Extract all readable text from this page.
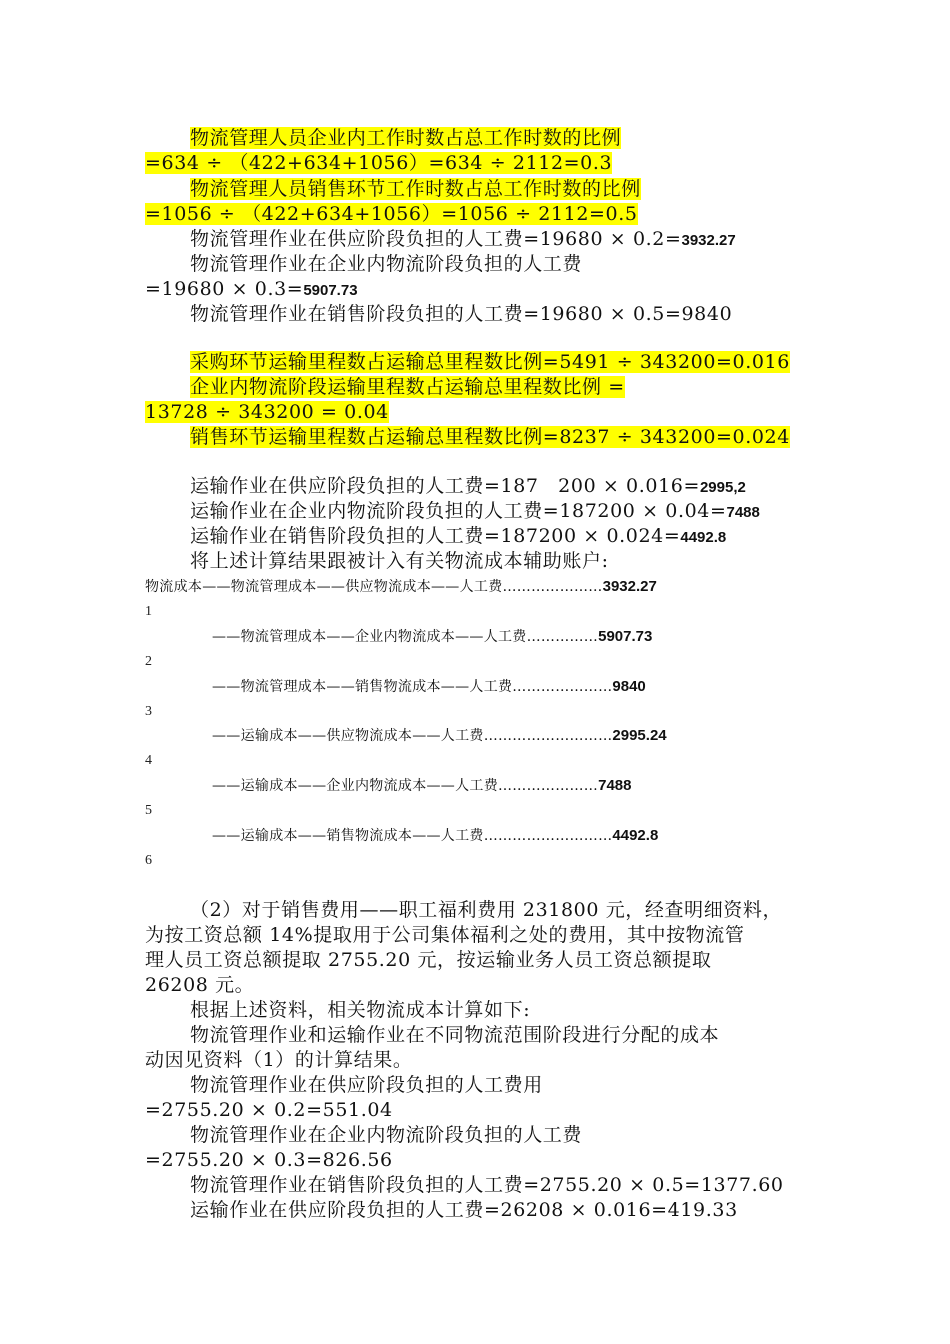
物流管理人员企业内工作时数占总工作时数的比例
=634 ÷ （422+634+1056）=634 ÷ 2112=0.3
物流管理人员销售环节工作时数占总工作时数的比例
=1056 ÷ （422+634+1056）=1056 ÷ 2112=0.5
物流管理作业在供应阶段负担的人工费=19680 × 0.2=3932.27
物流管理作业在企业内物流阶段负担的人工费
=19680 × 0.3=5907.73
物流管理作业在销售阶段负担的人工费=19680 × 0.5=9840
采购环节运输里程数占运输总里程数比例=5491 ÷ 343200=0.016
企业内物流阶段运输里程数占运输总里程数比例 =
13728 ÷ 343200 = 0.04
销售环节运输里程数占运输总里程数比例=8237 ÷ 343200=0.024
运输作业在供应阶段负担的人工费=187　200 × 0.016=2995,2
运输作业在企业内物流阶段负担的人工费=187200 × 0.04=7488
运输作业在销售阶段负担的人工费=187200 × 0.024=4492.8
将上述计算结果跟被计入有关物流成本辅助账户:
物流成本——物流管理成本——供应物流成本——人工费…………………3932.27
1
——物流管理成本——企业内物流成本——人工费……………5907.73
2
——物流管理成本——销售物流成本——人工费…………………9840
3
——运输成本——供应物流成本——人工费………………………2995.24
4
——运输成本——企业内物流成本——人工费…………………7488
5
——运输成本——销售物流成本——人工费………………………4492.8
6
（2）对于销售费用——职工福利费用 231800 元，经查明细资料，
为按工资总额 14%提取用于公司集体福利之处的费用，其中按物流管
理人员工资总额提取 2755.20 元，按运输业务人员工资总额提取
26208 元。
根据上述资料，相关物流成本计算如下:
物流管理作业和运输作业在不同物流范围阶段进行分配的成本
动因见资料（1）的计算结果。
物流管理作业在供应阶段负担的人工费用
=2755.20 × 0.2=551.04
物流管理作业在企业内物流阶段负担的人工费
=2755.20 × 0.3=826.56
物流管理作业在销售阶段负担的人工费=2755.20 × 0.5=1377.60
运输作业在供应阶段负担的人工费=26208 × 0.016=419.33
